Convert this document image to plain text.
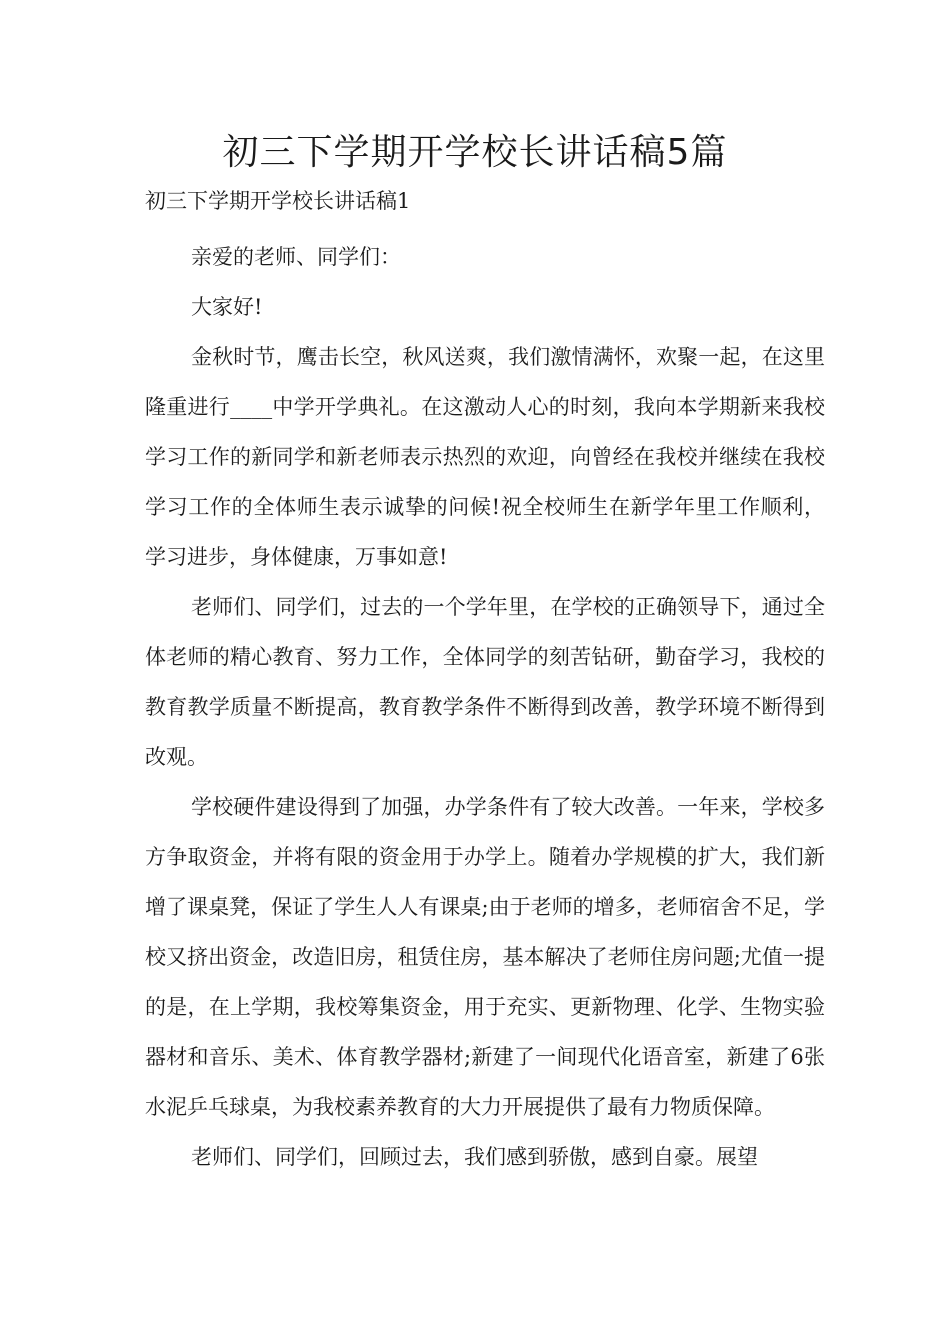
初三下学期开学校长讲话稿5篇

初三下学期开学校长讲话稿1

亲爱的老师、同学们：

大家好!

金秋时节，鹰击长空，秋风送爽，我们激情满怀，欢聚一起，在这里隆重进行____中学开学典礼。在这激动人心的时刻，我向本学期新来我校学习工作的新同学和新老师表示热烈的欢迎，向曾经在我校并继续在我校学习工作的全体师生表示诚挚的问候!祝全校师生在新学年里工作顺利，学习进步，身体健康，万事如意!

老师们、同学们，过去的一个学年里，在学校的正确领导下，通过全体老师的精心教育、努力工作，全体同学的刻苦钻研，勤奋学习，我校的教育教学质量不断提高，教育教学条件不断得到改善，教学环境不断得到改观。

学校硬件建设得到了加强，办学条件有了较大改善。一年来，学校多方争取资金，并将有限的资金用于办学上。随着办学规模的扩大，我们新增了课桌凳，保证了学生人人有课桌;由于老师的增多，老师宿舍不足，学校又挤出资金，改造旧房，租赁住房，基本解决了老师住房问题;尤值一提的是，在上学期，我校筹集资金，用于充实、更新物理、化学、生物实验器材和音乐、美术、体育教学器材;新建了一间现代化语音室，新建了6张水泥乒乓球桌，为我校素养教育的大力开展提供了最有力物质保障。

老师们、同学们，回顾过去，我们感到骄傲，感到自豪。展望
